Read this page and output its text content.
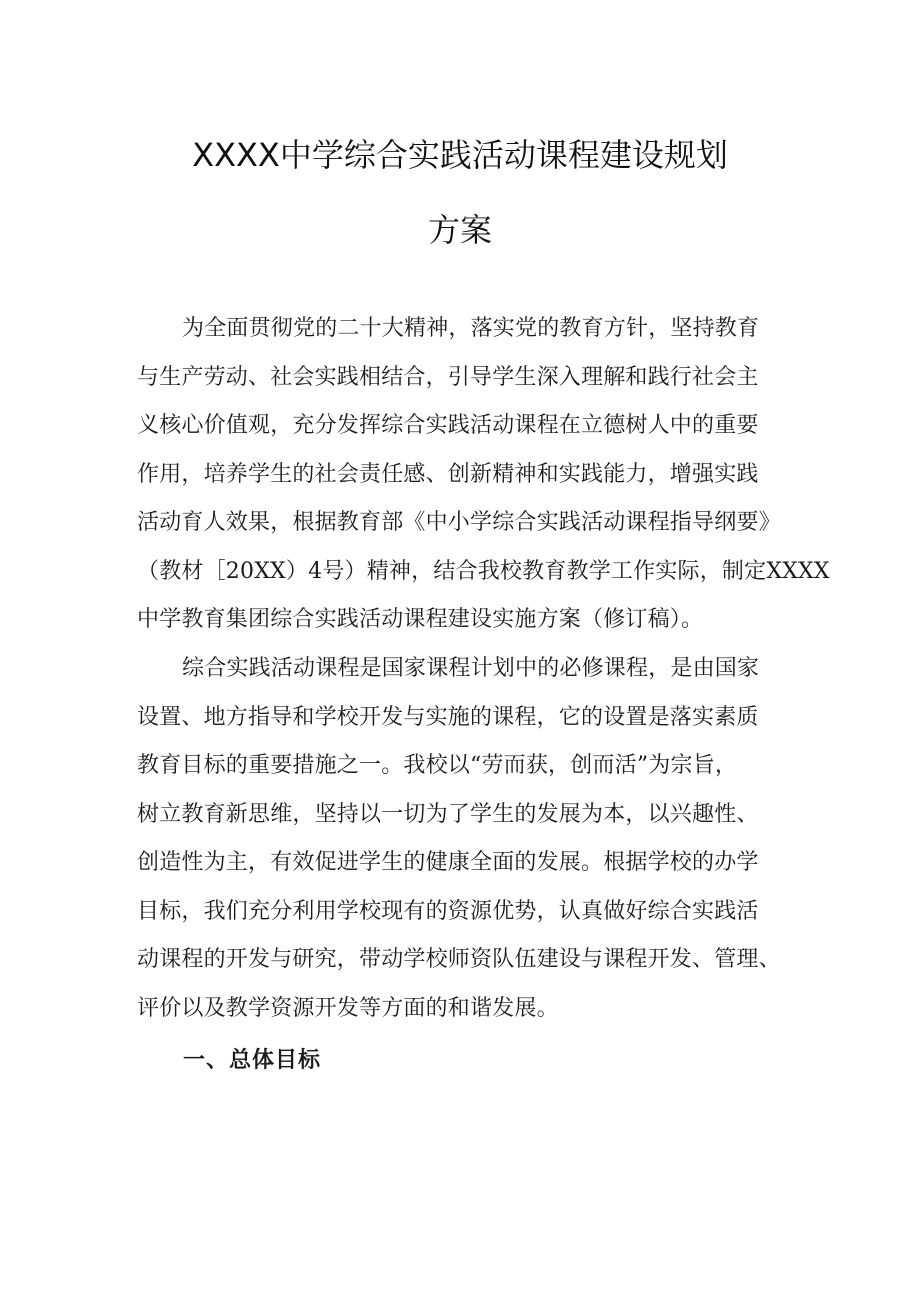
XXXX中学综合实践活动课程建设规划
方案

为全面贯彻党的二十大精神，落实党的教育方针，坚持教育
与生产劳动、社会实践相结合，引导学生深入理解和践行社会主
义核心价值观，充分发挥综合实践活动课程在立德树人中的重要
作用，培养学生的社会责任感、创新精神和实践能力，增强实践
活动育人效果，根据教育部《中小学综合实践活动课程指导纲要》
（教材［20XX）4号）精神，结合我校教育教学工作实际，制定XXXX
中学教育集团综合实践活动课程建设实施方案（修订稿）。

综合实践活动课程是国家课程计划中的必修课程，是由国家
设置、地方指导和学校开发与实施的课程，它的设置是落实素质
教育目标的重要措施之一。我校以“劳而获，创而活”为宗旨，
树立教育新思维，坚持以一切为了学生的发展为本，以兴趣性、
创造性为主，有效促进学生的健康全面的发展。根据学校的办学
目标，我们充分利用学校现有的资源优势，认真做好综合实践活
动课程的开发与研究，带动学校师资队伍建设与课程开发、管理、
评价以及教学资源开发等方面的和谐发展。

一、总体目标
